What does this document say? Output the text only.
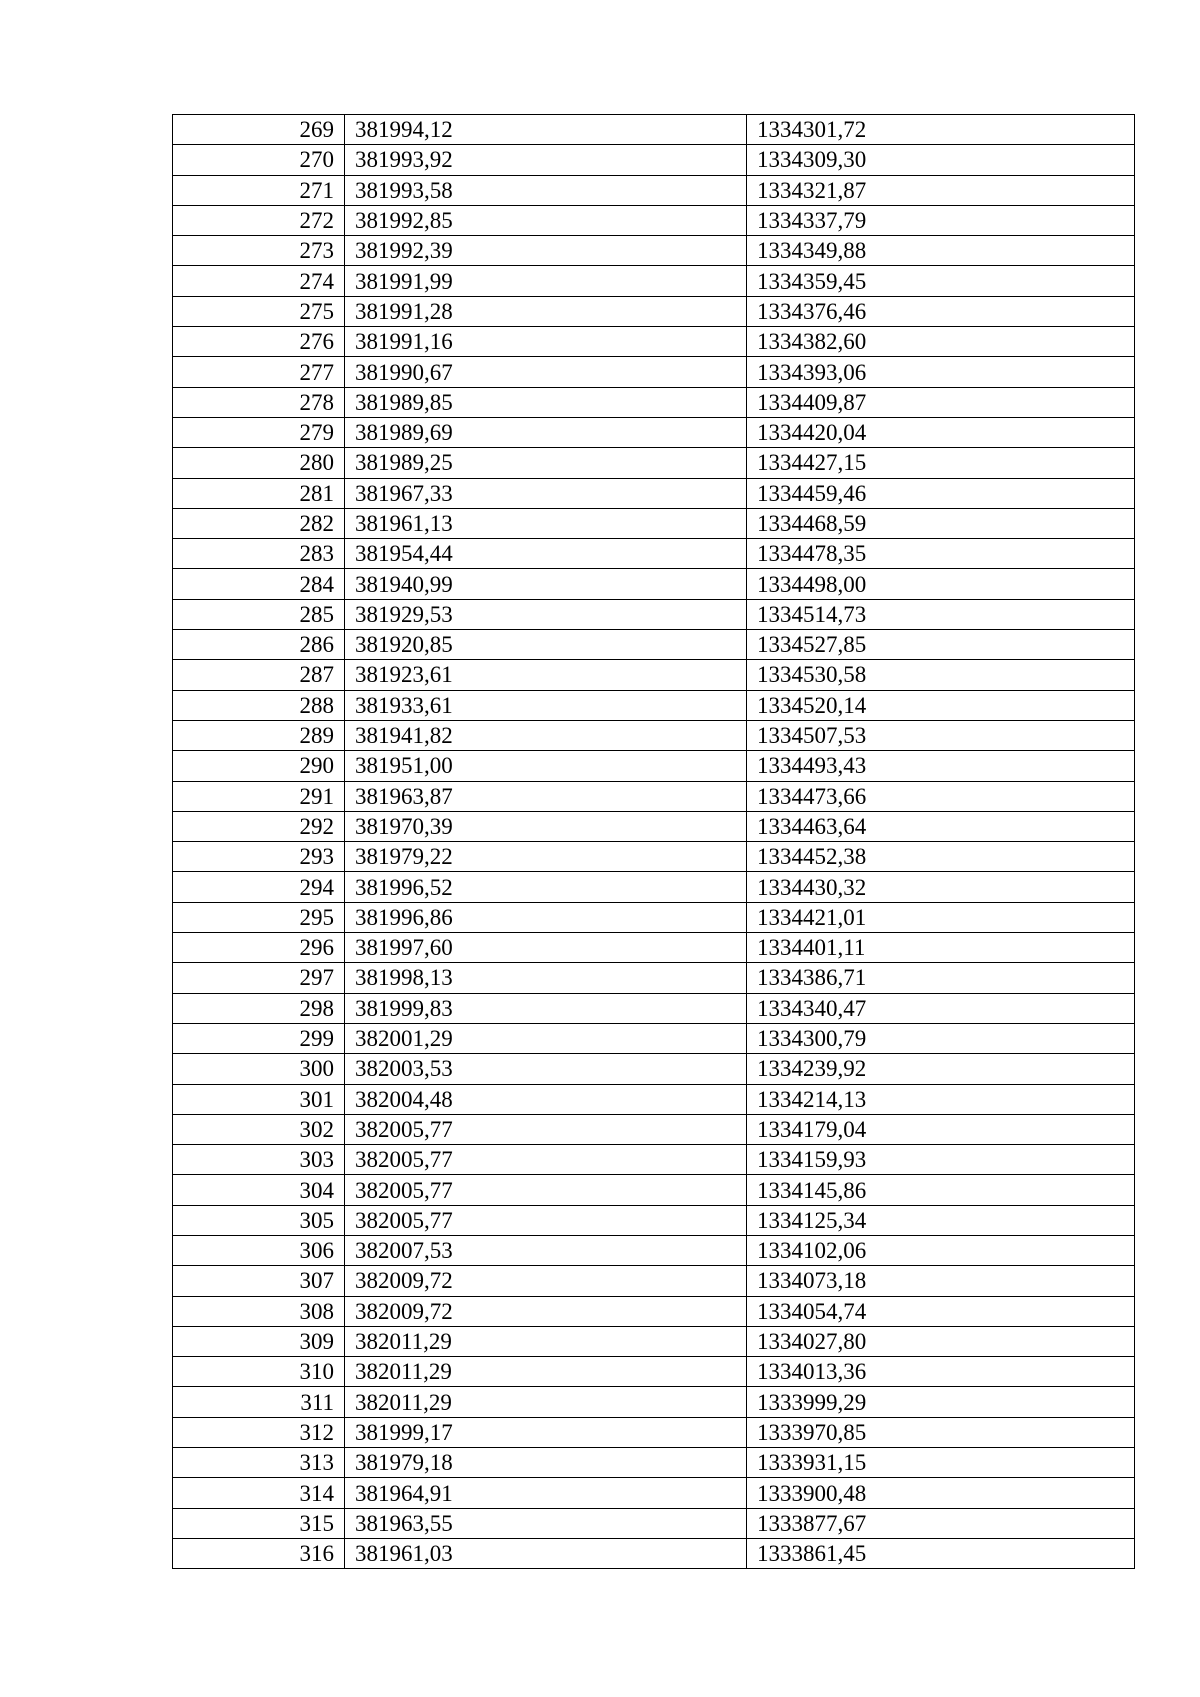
269	381994,12	1334301,72
270	381993,92	1334309,30
271	381993,58	1334321,87
272	381992,85	1334337,79
273	381992,39	1334349,88
274	381991,99	1334359,45
275	381991,28	1334376,46
276	381991,16	1334382,60
277	381990,67	1334393,06
278	381989,85	1334409,87
279	381989,69	1334420,04
280	381989,25	1334427,15
281	381967,33	1334459,46
282	381961,13	1334468,59
283	381954,44	1334478,35
284	381940,99	1334498,00
285	381929,53	1334514,73
286	381920,85	1334527,85
287	381923,61	1334530,58
288	381933,61	1334520,14
289	381941,82	1334507,53
290	381951,00	1334493,43
291	381963,87	1334473,66
292	381970,39	1334463,64
293	381979,22	1334452,38
294	381996,52	1334430,32
295	381996,86	1334421,01
296	381997,60	1334401,11
297	381998,13	1334386,71
298	381999,83	1334340,47
299	382001,29	1334300,79
300	382003,53	1334239,92
301	382004,48	1334214,13
302	382005,77	1334179,04
303	382005,77	1334159,93
304	382005,77	1334145,86
305	382005,77	1334125,34
306	382007,53	1334102,06
307	382009,72	1334073,18
308	382009,72	1334054,74
309	382011,29	1334027,80
310	382011,29	1334013,36
311	382011,29	1333999,29
312	381999,17	1333970,85
313	381979,18	1333931,15
314	381964,91	1333900,48
315	381963,55	1333877,67
316	381961,03	1333861,45
